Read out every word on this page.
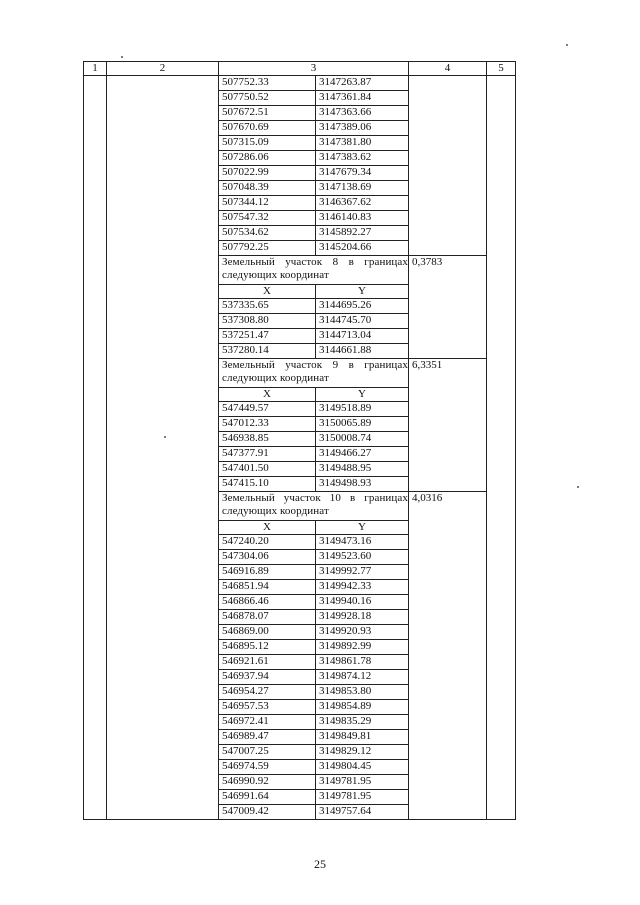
1	2	3		4	5
		507752.33	3147263.87		
		507750.52	3147361.84		
		507672.51	3147363.66		
		507670.69	3147389.06		
		507315.09	3147381.80		
		507286.06	3147383.62		
		507022.99	3147679.34		
		507048.39	3147138.69		
		507344.12	3146367.62		
		507547.32	3146140.83		
		507534.62	3145892.27		
		507792.25	3145204.66		
		Земельный участок 8 в границах следующих координат		0,3783	
		X	Y		
		537335.65	3144695.26		
		537308.80	3144745.70		
		537251.47	3144713.04		
		537280.14	3144661.88		
		Земельный участок 9 в границах следующих координат		6,3351	
		X	Y		
		547449.57	3149518.89		
		547012.33	3150065.89		
		546938.85	3150008.74		
		547377.91	3149466.27		
		547401.50	3149488.95		
		547415.10	3149498.93		
		Земельный участок 10 в границах следующих координат		4,0316	
		X	Y		
		547240.20	3149473.16		
		547304.06	3149523.60		
		546916.89	3149992.77		
		546851.94	3149942.33		
		546866.46	3149940.16		
		546878.07	3149928.18		
		546869.00	3149920.93		
		546895.12	3149892.99		
		546921.61	3149861.78		
		546937.94	3149874.12		
		546954.27	3149853.80		
		546957.53	3149854.89		
		546972.41	3149835.29		
		546989.47	3149849.81		
		547007.25	3149829.12		
		546974.59	3149804.45		
		546990.92	3149781.95		
		546991.64	3149781.95		
		547009.42	3149757.64		
25
